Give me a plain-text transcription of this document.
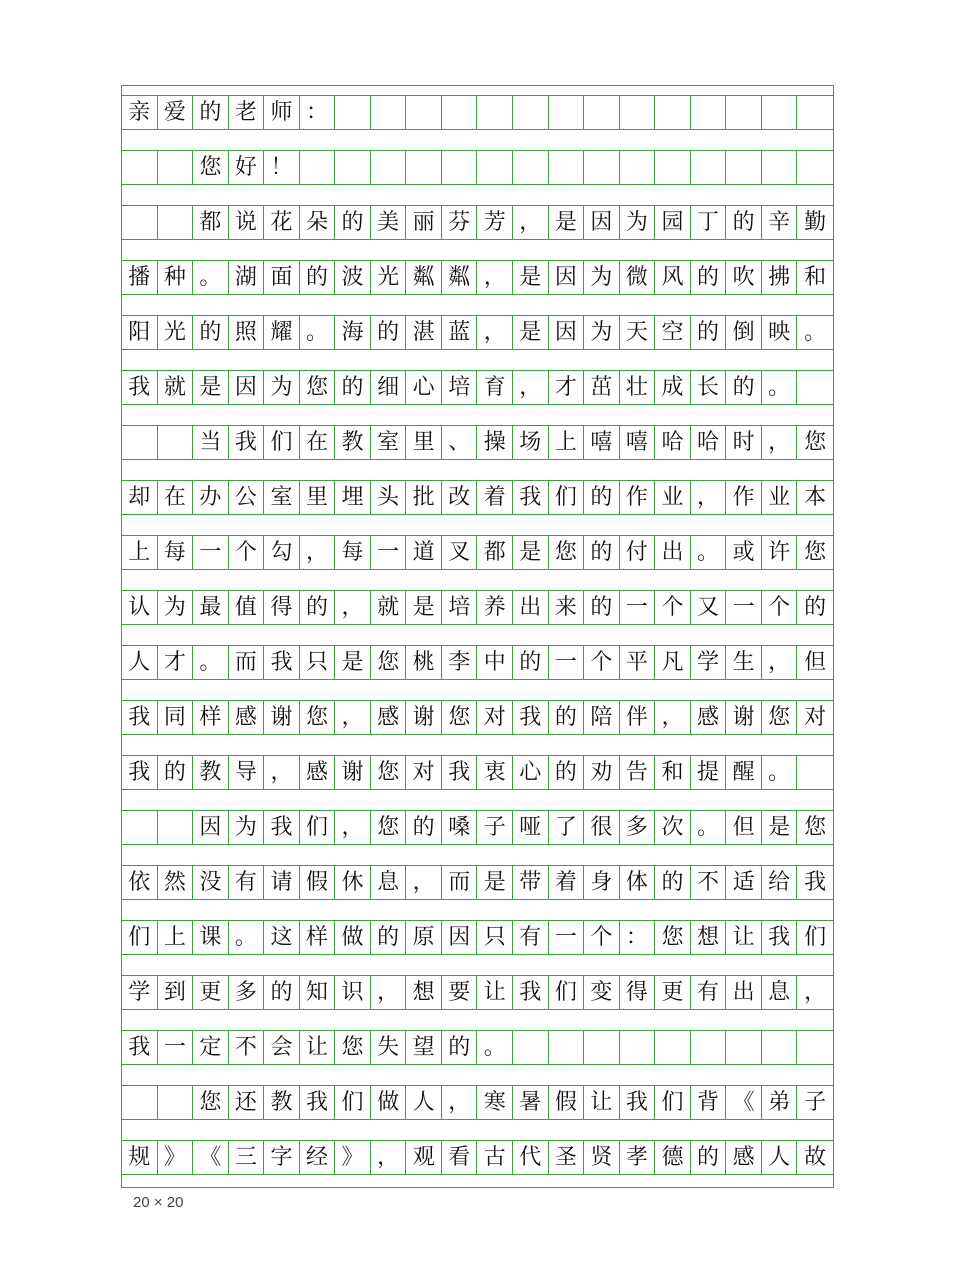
亲 爱 的 老 师 ：
您 好 ！
都 说 花 朵 的 美 丽 芬 芳 ， 是 因 为 园 丁 的 辛 勤
播 种 。 湖 面 的 波 光 粼 粼 ， 是 因 为 微 风 的 吹 拂 和
阳 光 的 照 耀 。 海 的 湛 蓝 ， 是 因 为 天 空 的 倒 映 。
我 就 是 因 为 您 的 细 心 培 育 ， 才 茁 壮 成 长 的 。
当 我 们 在 教 室 里 、 操 场 上 嘻 嘻 哈 哈 时 ， 您
却 在 办 公 室 里 埋 头 批 改 着 我 们 的 作 业 ， 作 业 本
上 每 一 个 勾 ， 每 一 道 叉 都 是 您 的 付 出 。 或 许 您
认 为 最 值 得 的 ， 就 是 培 养 出 来 的 一 个 又 一 个 的
人 才 。 而 我 只 是 您 桃 李 中 的 一 个 平 凡 学 生 ， 但
我 同 样 感 谢 您 ， 感 谢 您 对 我 的 陪 伴 ， 感 谢 您 对
我 的 教 导 ， 感 谢 您 对 我 衷 心 的 劝 告 和 提 醒 。
因 为 我 们 ， 您 的 嗓 子 哑 了 很 多 次 。 但 是 您
依 然 没 有 请 假 休 息 ， 而 是 带 着 身 体 的 不 适 给 我
们 上 课 。 这 样 做 的 原 因 只 有 一 个 ： 您 想 让 我 们
学 到 更 多 的 知 识 ， 想 要 让 我 们 变 得 更 有 出 息 ，
我 一 定 不 会 让 您 失 望 的 。
您 还 教 我 们 做 人 ， 寒 暑 假 让 我 们 背 《 弟 子
规 》 《 三 字 经 》 ， 观 看 古 代 圣 贤 孝 德 的 感 人 故
20 × 20
